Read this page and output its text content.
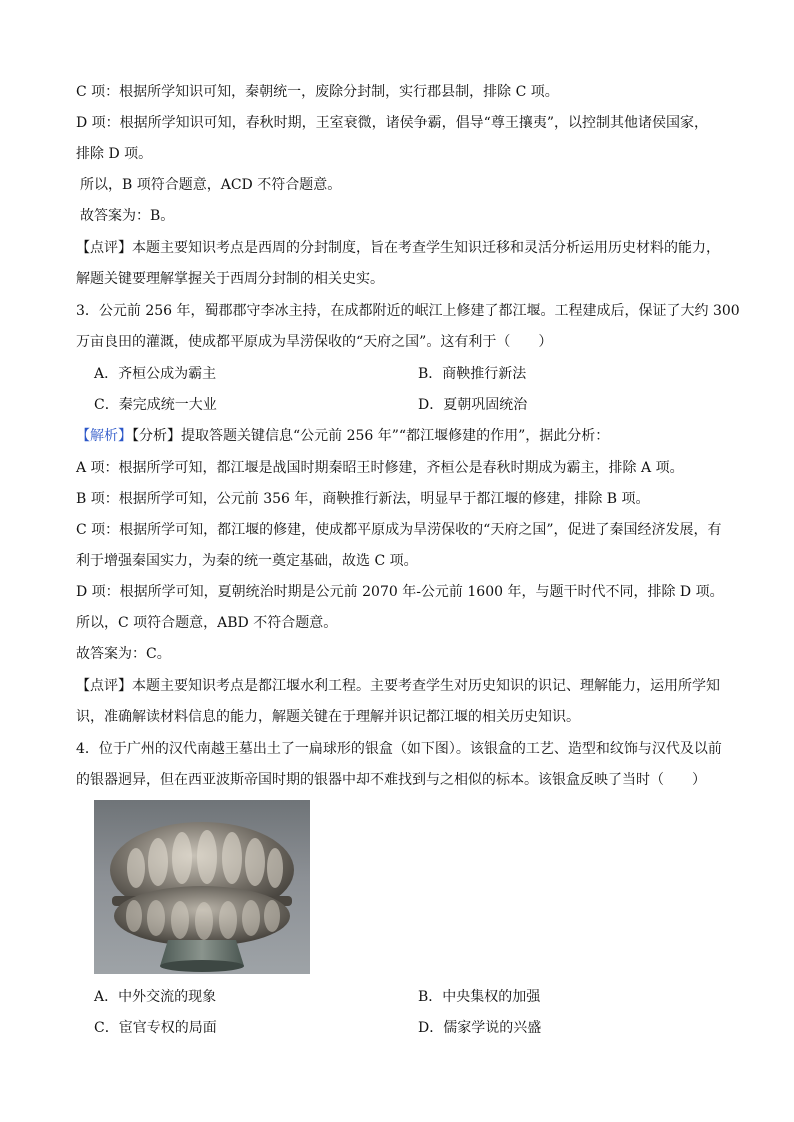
C 项：根据所学知识可知，秦朝统一，废除分封制，实行郡县制，排除 C 项。
D 项：根据所学知识可知，春秋时期，王室衰微，诸侯争霸，倡导“尊王攘夷”，以控制其他诸侯国家，
排除 D 项。
所以，B 项符合题意，ACD 不符合题意。
故答案为：B。
【点评】本题主要知识考点是西周的分封制度，旨在考查学生知识迁移和灵活分析运用历史材料的能力，
解题关键要理解掌握关于西周分封制的相关史实。
3．公元前 256 年，蜀郡郡守李冰主持，在成都附近的岷江上修建了都江堰。工程建成后，保证了大约 300
万亩良田的灌溉，使成都平原成为旱涝保收的“天府之国”。这有利于（　　）
A．齐桓公成为霸主	B．商鞅推行新法
C．秦完成统一大业	D．夏朝巩固统治
【解析】【分析】提取答题关键信息“公元前 256 年”“都江堰修建的作用”，据此分析：
A 项：根据所学可知，都江堰是战国时期秦昭王时修建，齐桓公是春秋时期成为霸主，排除 A 项。
B 项：根据所学可知，公元前 356 年，商鞅推行新法，明显早于都江堰的修建，排除 B 项。
C 项：根据所学可知，都江堰的修建，使成都平原成为旱涝保收的“天府之国”，促进了秦国经济发展，有
利于增强秦国实力，为秦的统一奠定基础，故选 C 项。
D 项：根据所学可知，夏朝统治时期是公元前 2070 年-公元前 1600 年，与题干时代不同，排除 D 项。
所以，C 项符合题意，ABD 不符合题意。
故答案为：C。
【点评】本题主要知识考点是都江堰水利工程。主要考查学生对历史知识的识记、理解能力，运用所学知
识，准确解读材料信息的能力，解题关键在于理解并识记都江堰的相关历史知识。
4．位于广州的汉代南越王墓出土了一扁球形的银盒（如下图）。该银盒的工艺、造型和纹饰与汉代及以前
的银器迥异，但在西亚波斯帝国时期的银器中却不难找到与之相似的标本。该银盒反映了当时（　　）
A．中外交流的现象	B．中央集权的加强
C．宦官专权的局面	D．儒家学说的兴盛
